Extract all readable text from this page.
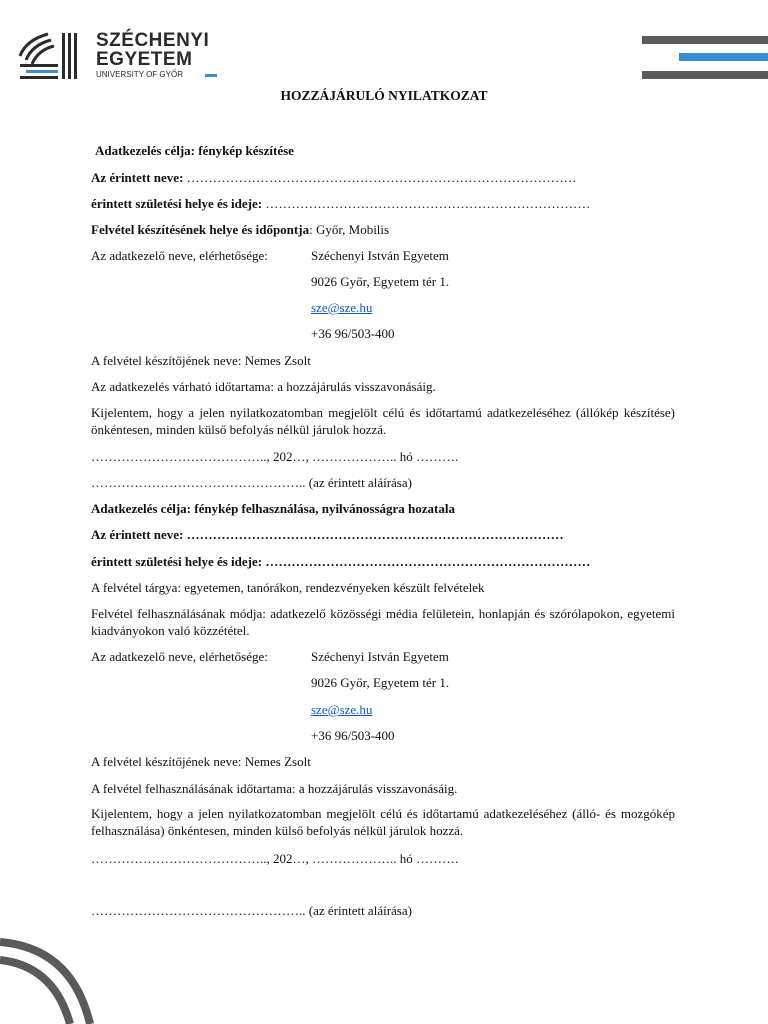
SZÉCHENYI
EGYETEM
UNIVERSITY OF GYŐR
HOZZÁJÁRULÓ NYILATKOZAT
Adatkezelés célja: fénykép készítése
Az érintett neve: ………………………………………………………………………………
érintett születési helye és ideje: …………………………………………………………………
Felvétel készítésének helye és időpontja: Győr, Mobilis
Az adatkezelő neve, elérhetősége:	Széchenyi István Egyetem
9026 Győr, Egyetem tér 1.
sze@sze.hu
+36 96/503-400
A felvétel készítőjének neve: Nemes Zsolt
Az adatkezelés várható időtartama: a hozzájárulás visszavonásáig.
Kijelentem, hogy a jelen nyilatkozatomban megjelölt célú és időtartamú adatkezeléséhez (állókép készítése) önkéntesen, minden külső befolyás nélkül járulok hozzá.
………………………………….., 202…, ……………….. hó ……….
………………………………………….. (az érintett aláírása)
Adatkezelés célja: fénykép felhasználása, nyilvánosságra hozatala
Az érintett neve: ……………………………………………………………………………
érintett születési helye és ideje: …………………………………………………………………
A felvétel tárgya: egyetemen, tanórákon, rendezvényeken készült felvételek
Felvétel felhasználásának módja: adatkezelő közösségi média felületein, honlapján és szórólapokon, egyetemi kiadványokon való közzététel.
Az adatkezelő neve, elérhetősége:	Széchenyi István Egyetem
9026 Győr, Egyetem tér 1.
sze@sze.hu
+36 96/503-400
A felvétel készítőjének neve: Nemes Zsolt
A felvétel felhasználásának időtartama: a hozzájárulás visszavonásáig.
Kijelentem, hogy a jelen nyilatkozatomban megjelölt célú és időtartamú adatkezeléséhez (álló- és mozgókép felhasználása) önkéntesen, minden külső befolyás nélkül járulok hozzá.
………………………………….., 202…, ……………….. hó ……….
………………………………………….. (az érintett aláírása)
